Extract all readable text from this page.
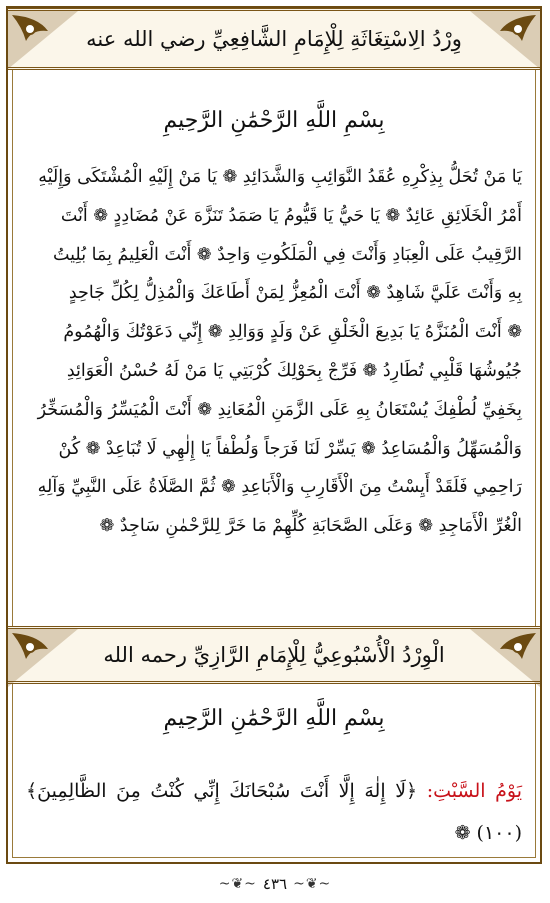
وِرْدُ الِاسْتِغَاثَةِ لِلْإِمَامِ الشَّافِعِيِّ رضي الله عنه
بِسْمِ اللَّهِ الرَّحْمَٰنِ الرَّحِيمِ
يَا مَنْ تُحَلُّ بِذِكْرِهِ عُقَدُ النَّوَائِبِ وَالشَّدَائِدِ ❁ يَا مَنْ إِلَيْهِ الْمُشْتَكَى وَإِلَيْهِ
أَمْرُ الْخَلَائِقِ عَائِدٌ ❁ يَا حَيُّ يَا قَيُّومُ يَا صَمَدُ تَنَزَّهَ عَنْ مُضَادِدٍ ❁ أَنْتَ
الرَّقِيبُ عَلَى الْعِبَادِ وَأَنْتَ فِي الْمَلَكُوتِ وَاحِدٌ ❁ أَنْتَ الْعَلِيمُ بِمَا بُلِيتُ
بِهِ وَأَنْتَ عَلَيَّ شَاهِدٌ ❁ أَنْتَ الْمُعِزُّ لِمَنْ أَطَاعَكَ وَالْمُذِلُّ لِكُلِّ جَاحِدٍ
❁ أَنْتَ الْمُنَزَّهُ يَا بَدِيعَ الْخَلْقِ عَنْ وَلَدٍ وَوَالِدِ ❁ إِنِّي دَعَوْتُكَ وَالْهُمُومُ
جُيُوشُهَا قَلْبِي تُطَارِدُ ❁ فَرِّجْ بِحَوْلِكَ كُرْبَتِي يَا مَنْ لَهُ حُسْنُ الْعَوَائِدِ
بِخَفِيِّ لُطْفِكَ يُسْتَعَانُ بِهِ عَلَى الزَّمَنِ الْمُعَانِدِ ❁ أَنْتَ الْمُيَسِّرُ وَالْمُسَخِّرُ
وَالْمُسَهِّلُ وَالْمُسَاعِدُ ❁ يَسِّرْ لَنَا فَرَجاً وَلُطْفاً يَا إِلٰهِي لَا تُبَاعِدْ ❁ كُنْ
رَاحِمِي فَلَقَدْ أَيِسْتُ مِنَ الْأَقَارِبِ وَالْأَبَاعِدِ ❁ ثُمَّ الصَّلَاةُ عَلَى النَّبِيِّ وَآلِهِ
الْغُرِّ الْأَمَاجِدِ ❁ وَعَلَى الصَّحَابَةِ كُلِّهِمْ مَا خَرَّ لِلرَّحْمٰنِ سَاجِدٌ ❁
الْوِرْدُ الْأُسْبُوعِيُّ لِلْإِمَامِ الرَّازِيِّ رحمه الله
بِسْمِ اللَّهِ الرَّحْمَٰنِ الرَّحِيمِ
يَوْمُ السَّبْتِ: ﴿لَا إِلٰهَ إِلَّا أَنْتَ سُبْحَانَكَ إِنِّي كُنْتُ مِنَ الظَّالِمِينَ﴾ (١٠٠) ❁
~❦~
٤٣٦
~❦~
